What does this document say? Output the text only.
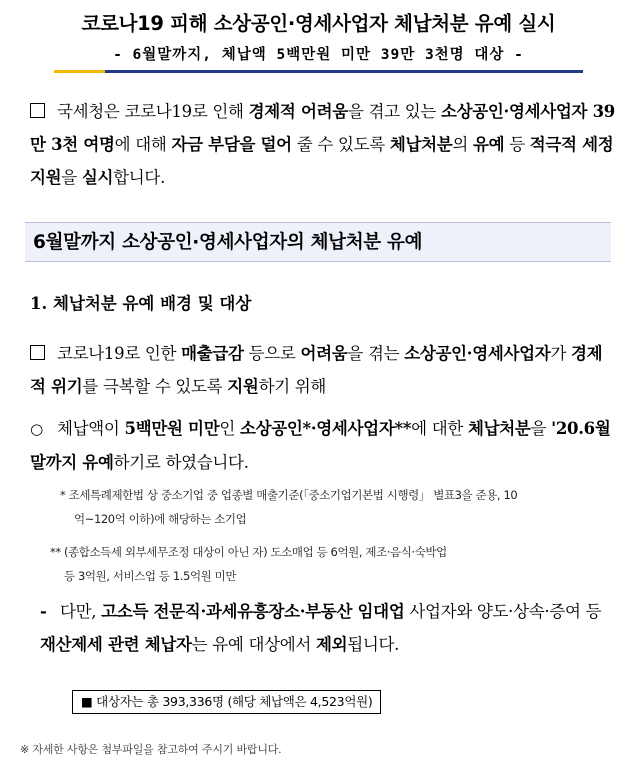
코로나19 피해 소상공인·영세사업자 체납처분 유예 실시
- 6월말까지, 체납액 5백만원 미만 39만 3천명 대상 -
국세청은 코로나19로 인해 경제적 어려움을 겪고 있는 소상공인·영세사업자 39만 3천 여명에 대해 자금 부담을 덜어 줄 수 있도록 체납처분의 유예 등 적극적 세정지원을 실시합니다.
6월말까지 소상공인·영세사업자의 체납처분 유예
1. 체납처분 유예 배경 및 대상
코로나19로 인한 매출급감 등으로 어려움을 겪는 소상공인·영세사업자가 경제적 위기를 극복할 수 있도록 지원하기 위해
○ 체납액이 5백만원 미만인 소상공인*·영세사업자**에 대한 체납처분을 '20.6월말까지 유예하기로 하였습니다.
* 조세특례제한법 상 중소기업 중 업종별 매출기준(「중소기업기본법 시행령」 별표3을 준용, 10
억~120억 이하)에 해당하는 소기업
** (종합소득세 외부세무조정 대상이 아닌 자) 도소매업 등 6억원, 제조·음식·숙박업
등 3억원, 서비스업 등 1.5억원 미만
- 다만, 고소득 전문직·과세유흥장소·부동산 임대업 사업자와 양도·상속·증여 등 재산제세 관련 체납자는 유예 대상에서 제외됩니다.
■ 대상자는 총 393,336명 (해당 체납액은 4,523억원)
※ 자세한 사항은 첨부파일을 참고하여 주시기 바랍니다.
